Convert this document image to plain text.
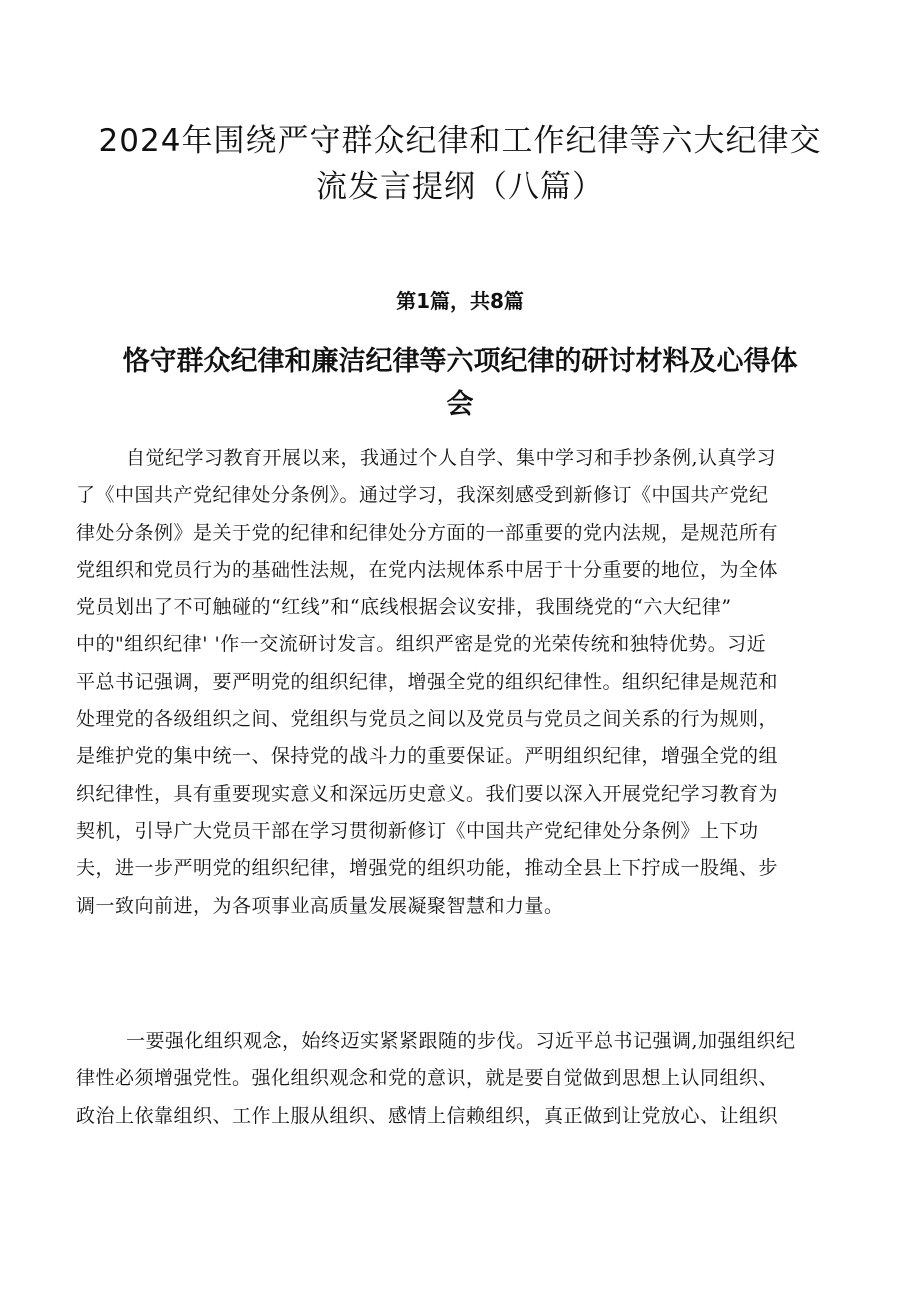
2024年围绕严守群众纪律和工作纪律等六大纪律交
流发言提纲（八篇）
第1篇，共8篇
恪守群众纪律和廉洁纪律等六项纪律的研讨材料及心得体
会

自觉纪学习教育开展以来，我通过个人自学、集中学习和手抄条例,认真学习
了《中国共产党纪律处分条例》。通过学习，我深刻感受到新修订《中国共产党纪
律处分条例》是关于党的纪律和纪律处分方面的一部重要的党内法规，是规范所有
党组织和党员行为的基础性法规，在党内法规体系中居于十分重要的地位，为全体
党员划出了不可触碰的“红线”和“底线根据会议安排，我围绕党的“六大纪律”
中的"组织纪律' '作一交流研讨发言。组织严密是党的光荣传统和独特优势。习近
平总书记强调，要严明党的组织纪律，增强全党的组织纪律性。组织纪律是规范和
处理党的各级组织之间、党组织与党员之间以及党员与党员之间关系的行为规则，
是维护党的集中统一、保持党的战斗力的重要保证。严明组织纪律，增强全党的组
织纪律性，具有重要现实意义和深远历史意义。我们要以深入开展党纪学习教育为
契机，引导广大党员干部在学习贯彻新修订《中国共产党纪律处分条例》上下功
夫，进一步严明党的组织纪律，增强党的组织功能，推动全县上下拧成一股绳、步
调一致向前进，为各项事业高质量发展凝聚智慧和力量。

一要强化组织观念，始终迈实紧紧跟随的步伐。习近平总书记强调,加强组织纪
律性必须增强党性。强化组织观念和党的意识，就是要自觉做到思想上认同组织、
政治上依靠组织、工作上服从组织、感情上信赖组织，真正做到让党放心、让组织
